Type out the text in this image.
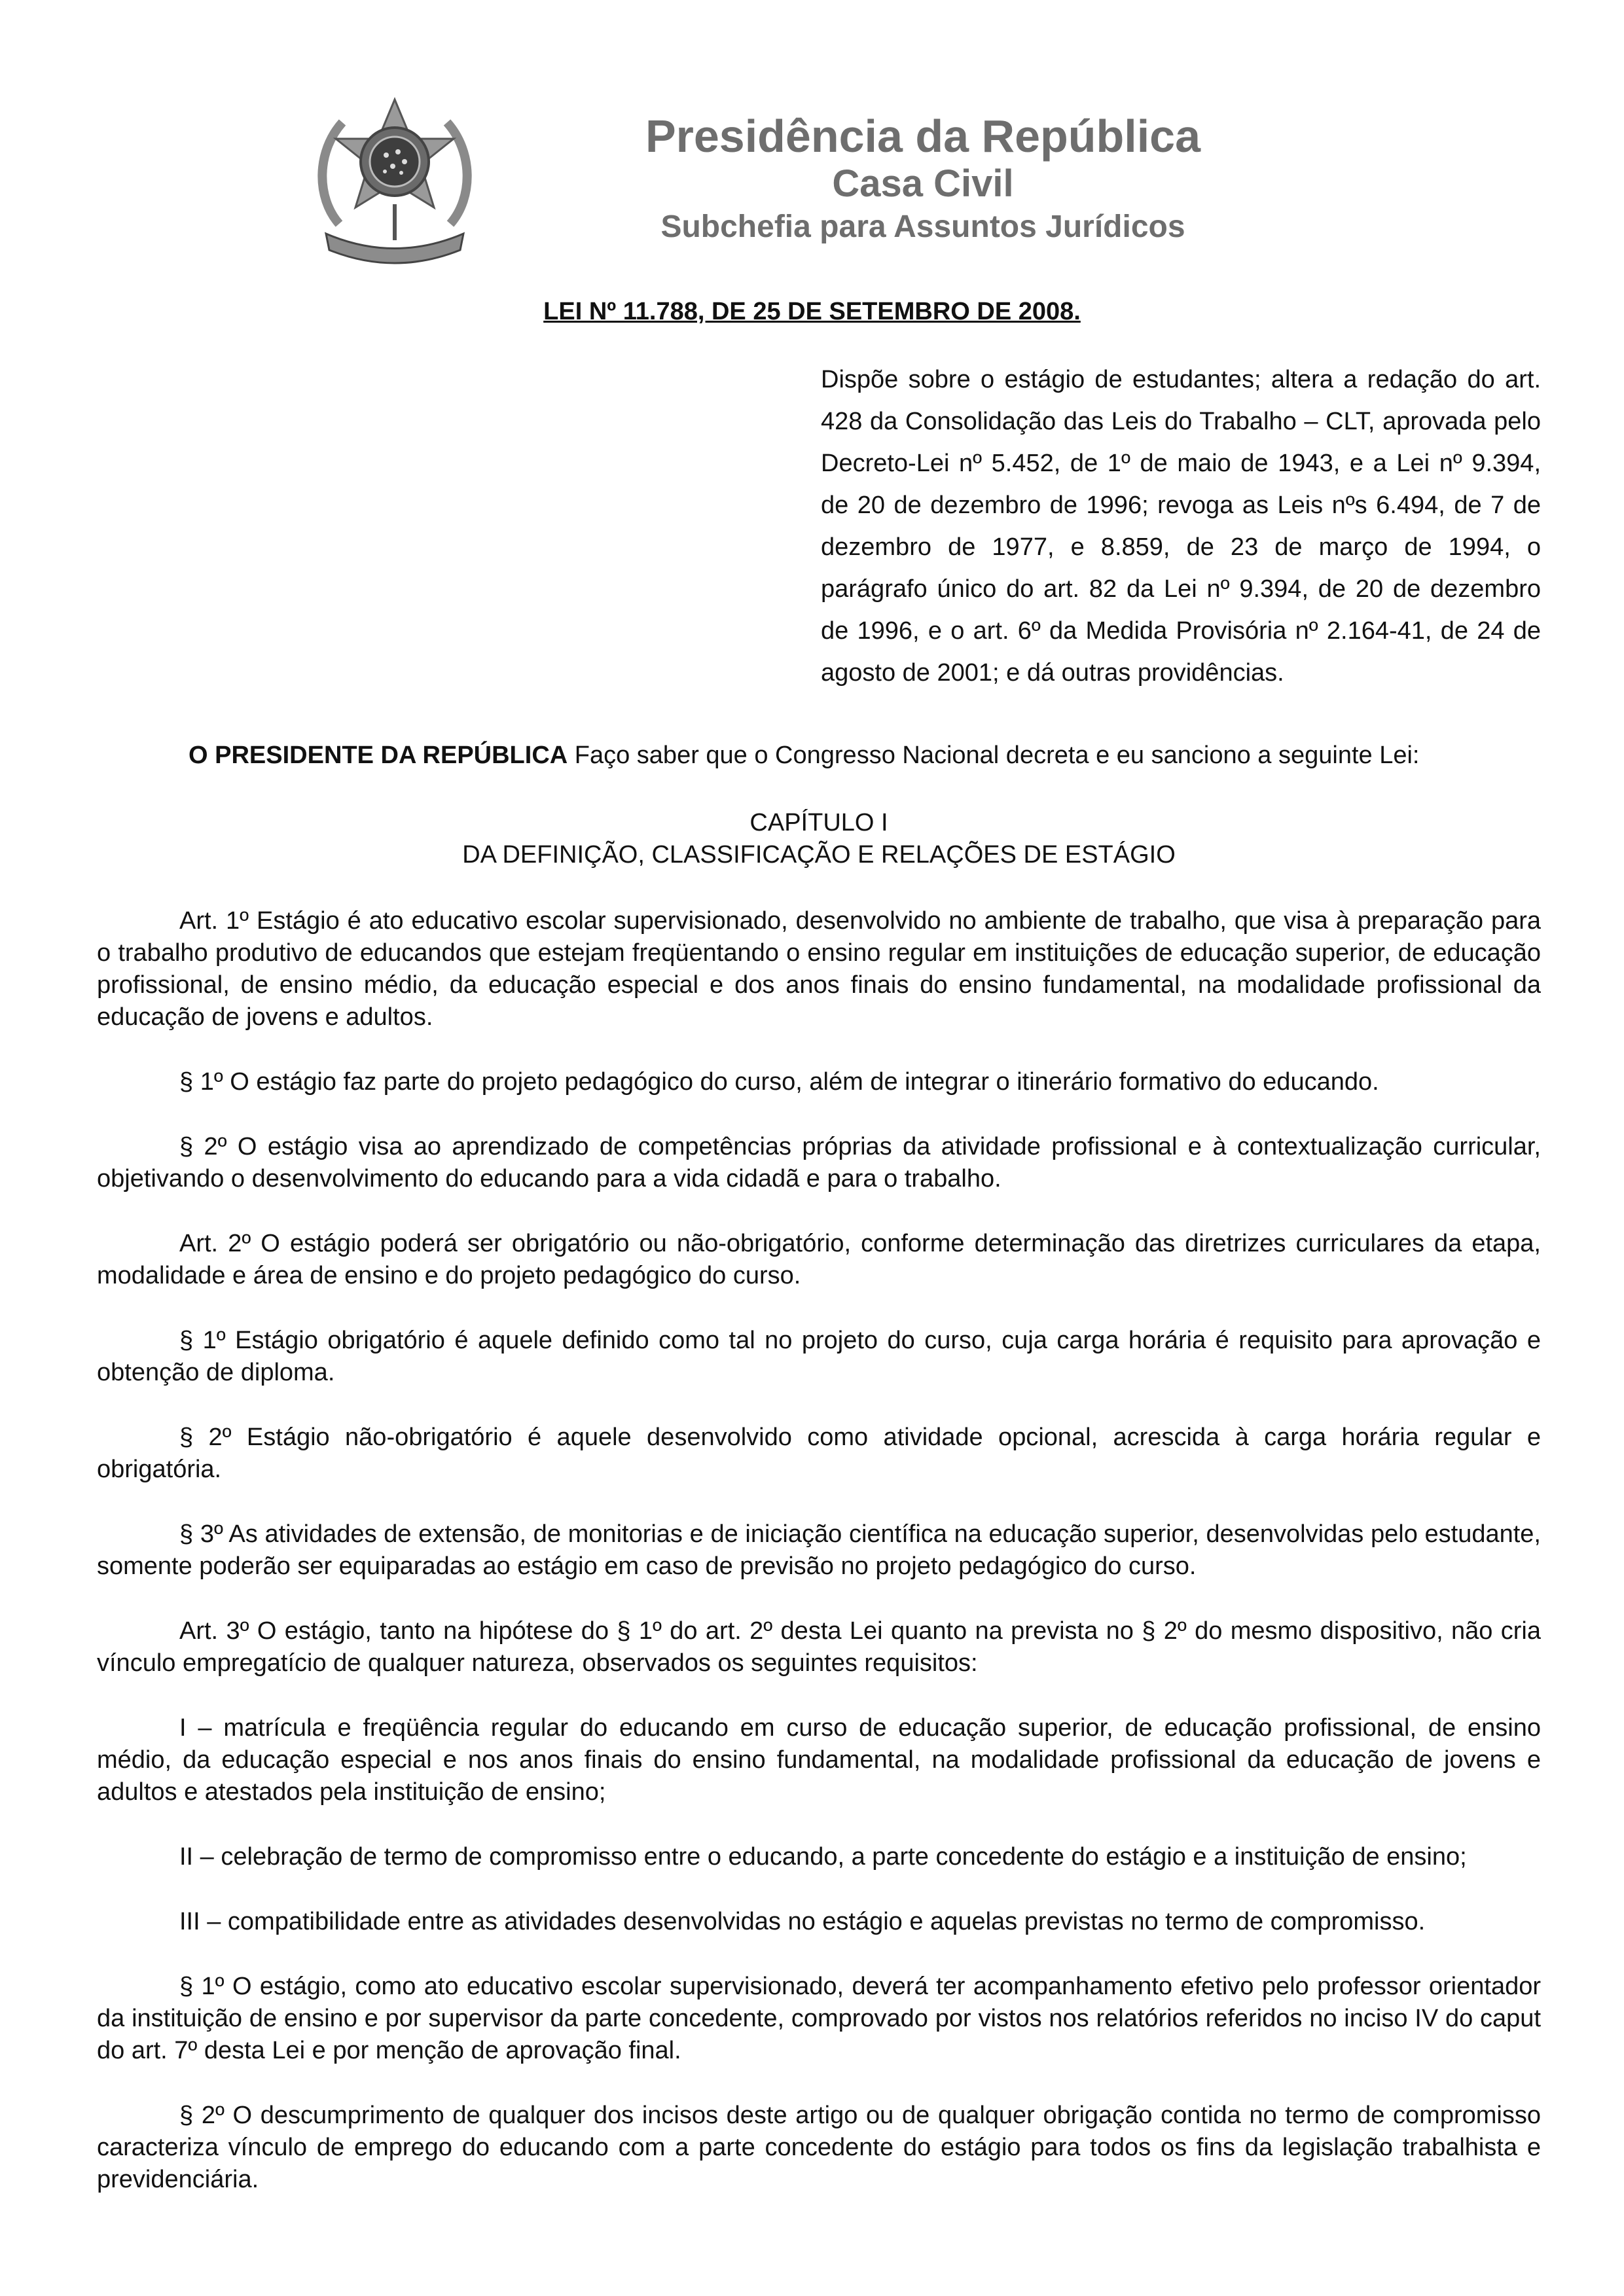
Presidência da República
Casa Civil
Subchefia para Assuntos Jurídicos
LEI Nº 11.788, DE 25 DE SETEMBRO DE 2008.
Dispõe sobre o estágio de estudantes; altera a redação do art. 428 da Consolidação das Leis do Trabalho – CLT, aprovada pelo Decreto-Lei nº 5.452, de 1º de maio de 1943, e a Lei nº 9.394, de 20 de dezembro de 1996; revoga as Leis nºs 6.494, de 7 de dezembro de 1977, e 8.859, de 23 de março de 1994, o parágrafo único do art. 82 da Lei nº 9.394, de 20 de dezembro de 1996, e o art. 6º da Medida Provisória nº 2.164-41, de 24 de agosto de 2001; e dá outras providências.

O PRESIDENTE DA REPÚBLICA Faço saber que o Congresso Nacional decreta e eu sanciono a seguinte Lei:

CAPÍTULO I
DA DEFINIÇÃO, CLASSIFICAÇÃO E RELAÇÕES DE ESTÁGIO

Art. 1º Estágio é ato educativo escolar supervisionado, desenvolvido no ambiente de trabalho, que visa à preparação para o trabalho produtivo de educandos que estejam freqüentando o ensino regular em instituições de educação superior, de educação profissional, de ensino médio, da educação especial e dos anos finais do ensino fundamental, na modalidade profissional da educação de jovens e adultos.

§ 1º O estágio faz parte do projeto pedagógico do curso, além de integrar o itinerário formativo do educando.

§ 2º O estágio visa ao aprendizado de competências próprias da atividade profissional e à contextualização curricular, objetivando o desenvolvimento do educando para a vida cidadã e para o trabalho.

Art. 2º O estágio poderá ser obrigatório ou não-obrigatório, conforme determinação das diretrizes curriculares da etapa, modalidade e área de ensino e do projeto pedagógico do curso.

§ 1º Estágio obrigatório é aquele definido como tal no projeto do curso, cuja carga horária é requisito para aprovação e obtenção de diploma.

§ 2º Estágio não-obrigatório é aquele desenvolvido como atividade opcional, acrescida à carga horária regular e obrigatória.

§ 3º As atividades de extensão, de monitorias e de iniciação científica na educação superior, desenvolvidas pelo estudante, somente poderão ser equiparadas ao estágio em caso de previsão no projeto pedagógico do curso.

Art. 3º O estágio, tanto na hipótese do § 1º do art. 2º desta Lei quanto na prevista no § 2º do mesmo dispositivo, não cria vínculo empregatício de qualquer natureza, observados os seguintes requisitos:

I – matrícula e freqüência regular do educando em curso de educação superior, de educação profissional, de ensino médio, da educação especial e nos anos finais do ensino fundamental, na modalidade profissional da educação de jovens e adultos e atestados pela instituição de ensino;

II – celebração de termo de compromisso entre o educando, a parte concedente do estágio e a instituição de ensino;

III – compatibilidade entre as atividades desenvolvidas no estágio e aquelas previstas no termo de compromisso.

§ 1º O estágio, como ato educativo escolar supervisionado, deverá ter acompanhamento efetivo pelo professor orientador da instituição de ensino e por supervisor da parte concedente, comprovado por vistos nos relatórios referidos no inciso IV do caput do art. 7º desta Lei e por menção de aprovação final.

§ 2º O descumprimento de qualquer dos incisos deste artigo ou de qualquer obrigação contida no termo de compromisso caracteriza vínculo de emprego do educando com a parte concedente do estágio para todos os fins da legislação trabalhista e previdenciária.
